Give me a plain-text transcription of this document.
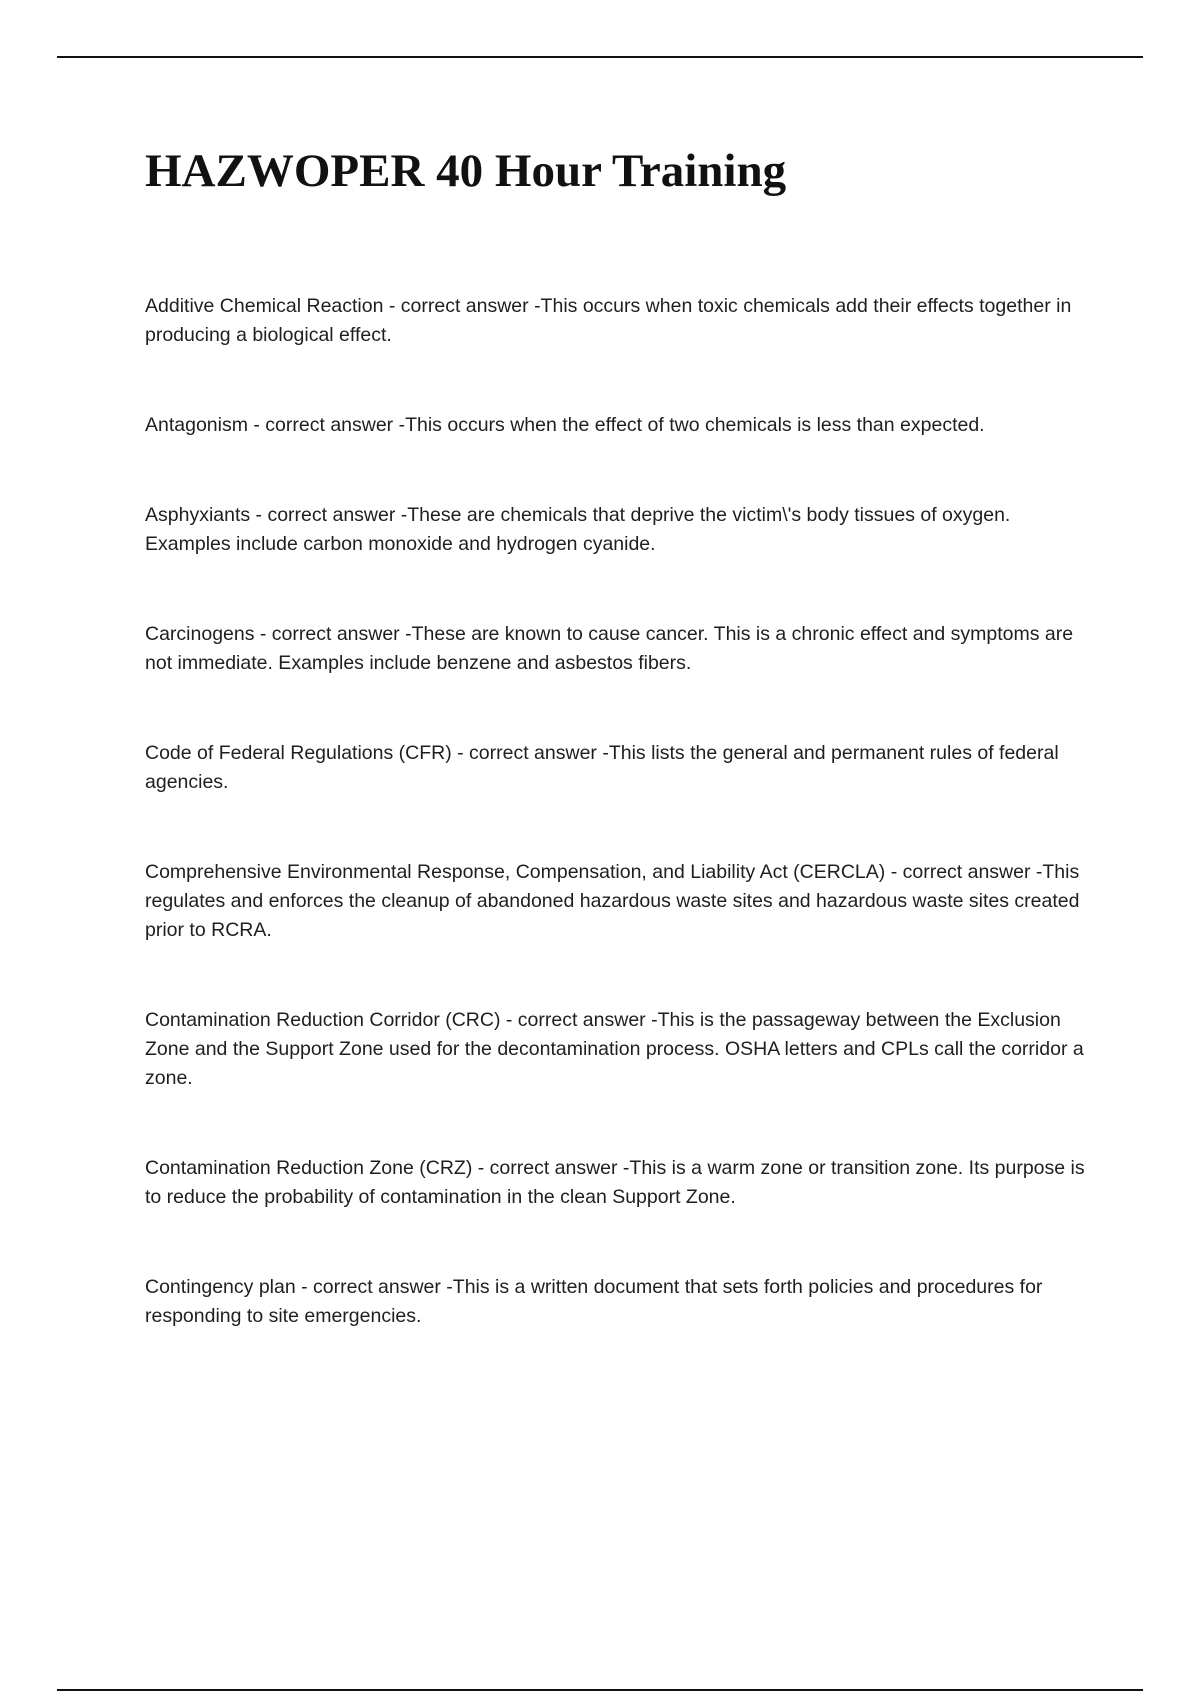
HAZWOPER 40 Hour Training

Additive Chemical Reaction - correct answer -This occurs when toxic chemicals add their effects together in producing a biological effect.

Antagonism - correct answer -This occurs when the effect of two chemicals is less than expected.

Asphyxiants - correct answer -These are chemicals that deprive the victim\'s body tissues of oxygen. Examples include carbon monoxide and hydrogen cyanide.

Carcinogens - correct answer -These are known to cause cancer. This is a chronic effect and symptoms are not immediate. Examples include benzene and asbestos fibers.

Code of Federal Regulations (CFR) - correct answer -This lists the general and permanent rules of federal agencies.

Comprehensive Environmental Response, Compensation, and Liability Act (CERCLA) - correct answer -This regulates and enforces the cleanup of abandoned hazardous waste sites and hazardous waste sites created prior to RCRA.

Contamination Reduction Corridor (CRC) - correct answer -This is the passageway between the Exclusion Zone and the Support Zone used for the decontamination process. OSHA letters and CPLs call the corridor a zone.

Contamination Reduction Zone (CRZ) - correct answer -This is a warm zone or transition zone. Its purpose is to reduce the probability of contamination in the clean Support Zone.

Contingency plan - correct answer -This is a written document that sets forth policies and procedures for responding to site emergencies.
